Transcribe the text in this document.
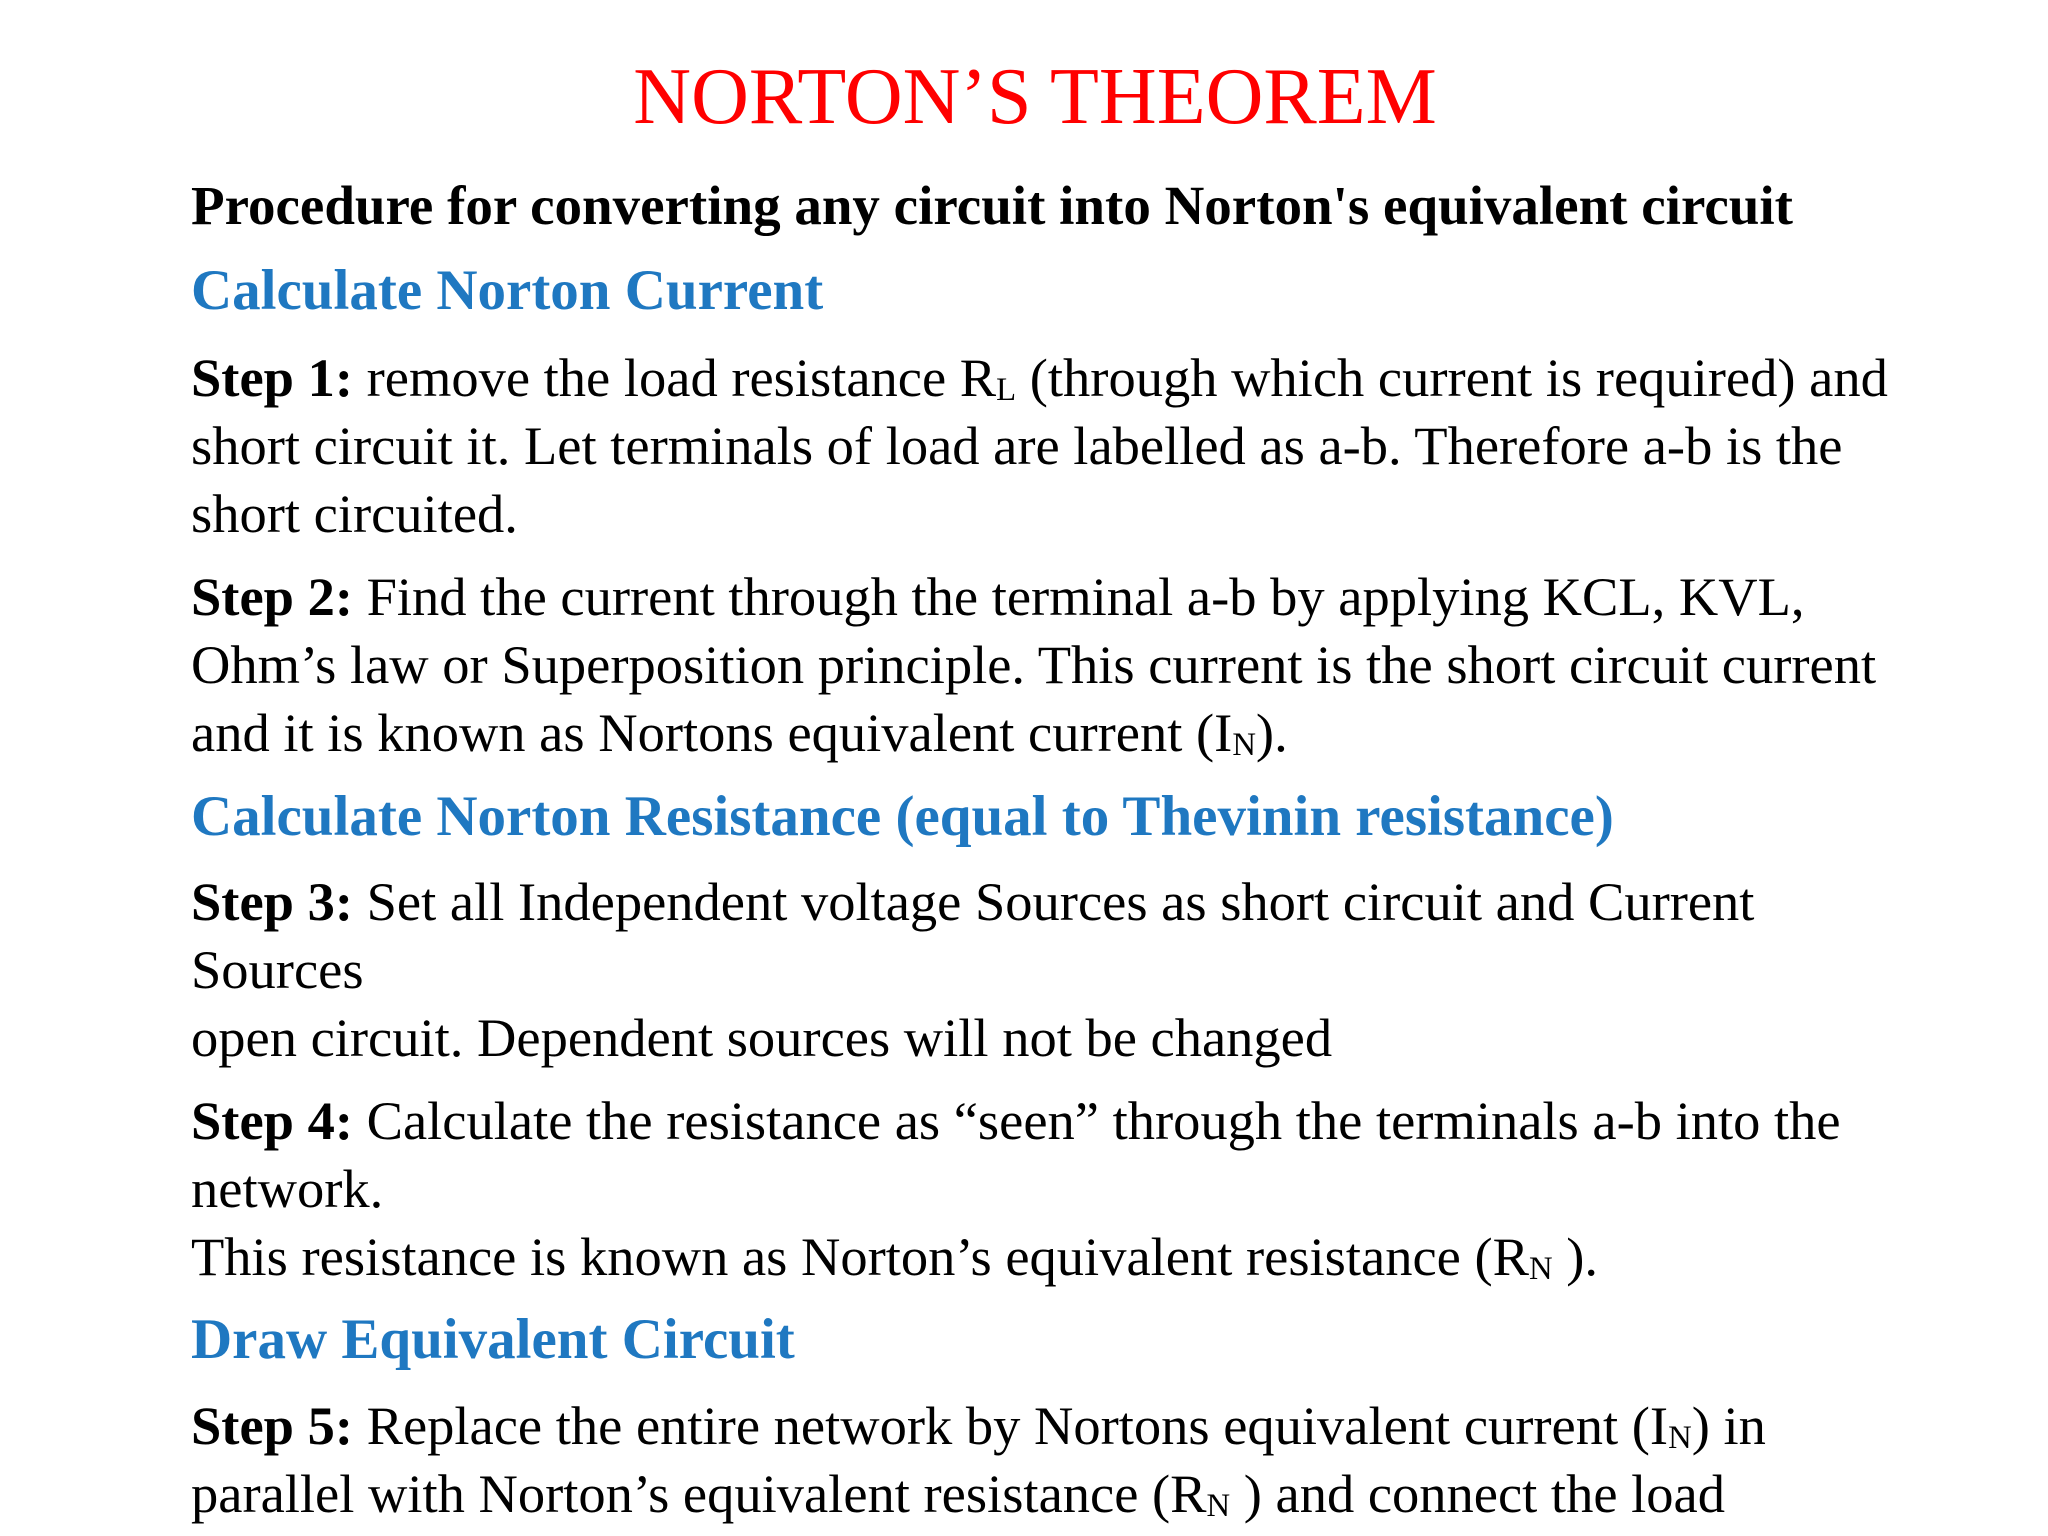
NORTON’S THEOREM
Procedure for converting any circuit into Norton's equivalent circuit
Calculate Norton Current
Step 1: remove the load resistance $R_L$ (through which current is required) and
short circuit it. Let terminals of load are labelled as a-b. Therefore a-b is the
short circuited.
Step 2: Find the current through the terminal a-b by applying KCL, KVL,
Ohm’s law or Superposition principle. This current is the short circuit current
and it is known as Nortons equivalent current $(I_N)$.
Calculate Norton Resistance (equal to Thevinin resistance)
Step 3: Set all Independent voltage Sources as short circuit and Current
Sources
open circuit. Dependent sources will not be changed
Step 4: Calculate the resistance as “seen” through the terminals a-b into the
network.
This resistance is known as Norton’s equivalent resistance ($R_N$ ).
Draw Equivalent Circuit
Step 5: Replace the entire network by Nortons equivalent current $(I_N)$ in
parallel with Norton’s equivalent resistance ($R_N$ ) and connect the load
